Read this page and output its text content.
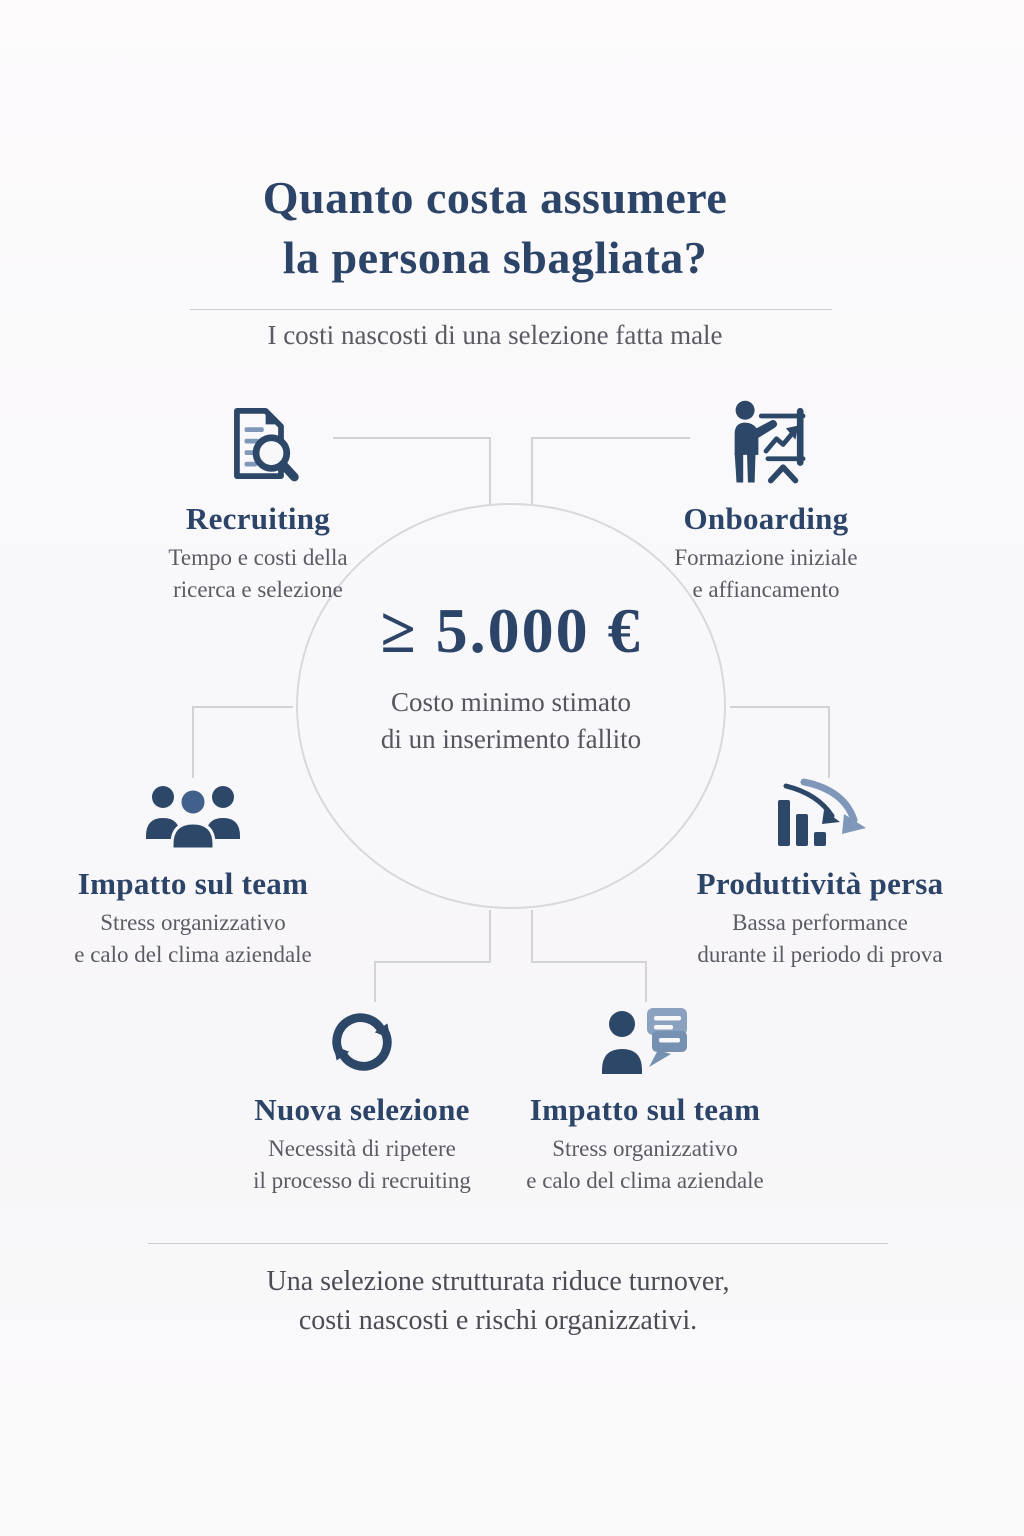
Quanto costa assumere
la persona sbagliata?
I costi nascosti di una selezione fatta male
≥ 5.000 €
Costo minimo stimato
di un inserimento fallito
Recruiting
Tempo e costi della
ricerca e selezione
Onboarding
Formazione iniziale
e affiancamento
Impatto sul team
Stress organizzativo
e calo del clima aziendale
Produttività persa
Bassa performance
durante il periodo di prova
Nuova selezione
Necessità di ripetere
il processo di recruiting
Impatto sul team
Stress organizzativo
e calo del clima aziendale
Una selezione strutturata riduce turnover,
costi nascosti e rischi organizzativi.
